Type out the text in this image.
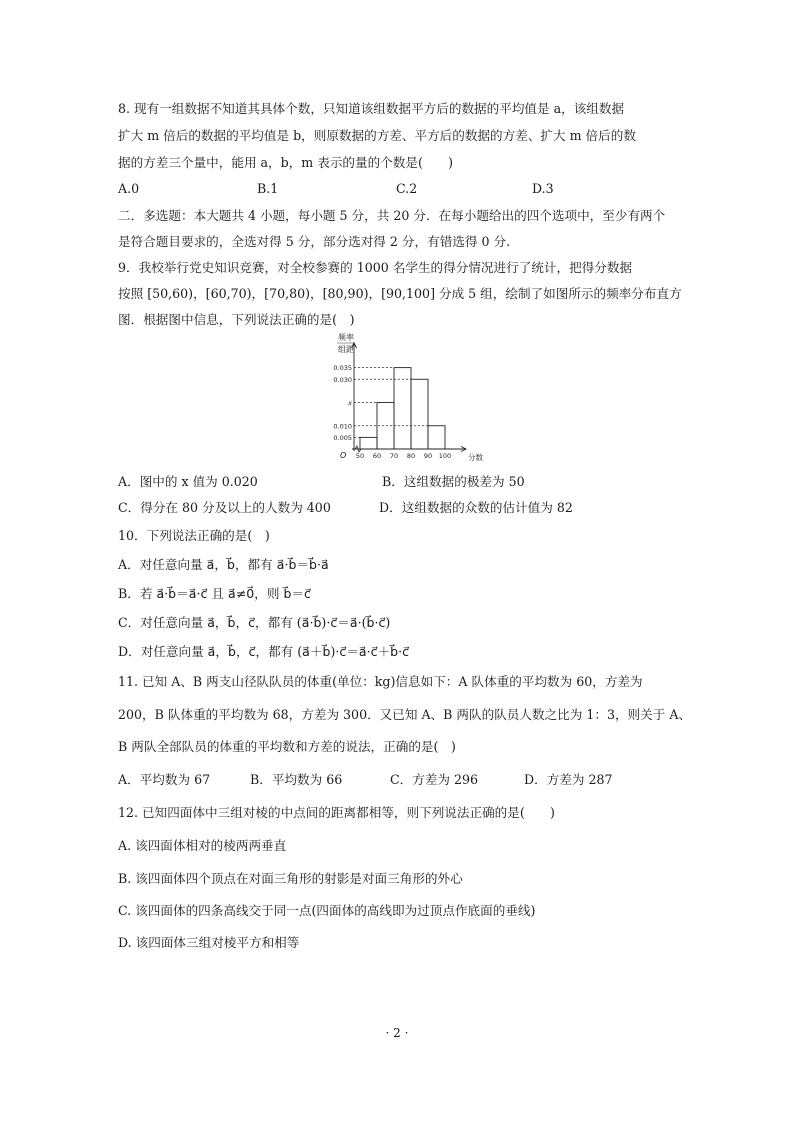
8. 现有一组数据不知道其具体个数，只知道该组数据平方后的数据的平均值是 a，该组数据
扩大 m 倍后的数据的平均值是 b，则原数据的方差、平方后的数据的方差、扩大 m 倍后的数
据的方差三个量中，能用 a，b，m 表示的量的个数是(　　)
A.0	B.1	C.2	D.3
二．多选题：本大题共 4 小题，每小题 5 分，共 20 分．在每小题给出的四个选项中，至少有两个
是符合题目要求的，全选对得 5 分，部分选对得 2 分，有错选得 0 分.
9．我校举行党史知识竞赛，对全校参赛的 1000 名学生的得分情况进行了统计，把得分数据
按照 [50,60)，[60,70)，[70,80)，[80,90)，[90,100] 分成 5 组，绘制了如图所示的频率分布直方
图．根据图中信息，下列说法正确的是(　)
频率
组距
O	分数
0.005
0.010
x
0.030
0.035
50 60 70 80 90 100
A．图中的 x 值为 0.020	B．这组数据的极差为 50
C．得分在 80 分及以上的人数为 400	D．这组数据的众数的估计值为 82
10．下列说法正确的是(　)
A．对任意向量 a⃗，b⃗，都有 a⃗·b⃗＝b⃗·a⃗
B．若 a⃗·b⃗＝a⃗·c⃗ 且 a⃗≠0⃗，则 b⃗＝c⃗
C．对任意向量 a⃗，b⃗，c⃗，都有 (a⃗·b⃗)·c⃗＝a⃗·(b⃗·c⃗)
D．对任意向量 a⃗，b⃗，c⃗，都有 (a⃗＋b⃗)·c⃗＝a⃗·c⃗＋b⃗·c⃗
11. 已知 A、B 两支山径队队员的体重(单位：kg)信息如下：A 队体重的平均数为 60，方差为
200，B 队体重的平均数为 68，方差为 300．又已知 A、B 两队的队员人数之比为 1：3，则关于 A、
B 两队全部队员的体重的平均数和方差的说法，正确的是(　)
A．平均数为 67	B．平均数为 66	C．方差为 296	D．方差为 287
12. 已知四面体中三组对棱的中点间的距离都相等，则下列说法正确的是(　　)
A. 该四面体相对的棱两两垂直
B. 该四面体四个顶点在对面三角形的射影是对面三角形的外心
C. 该四面体的四条高线交于同一点(四面体的高线即为过顶点作底面的垂线)
D. 该四面体三组对棱平方和相等
· 2 ·
